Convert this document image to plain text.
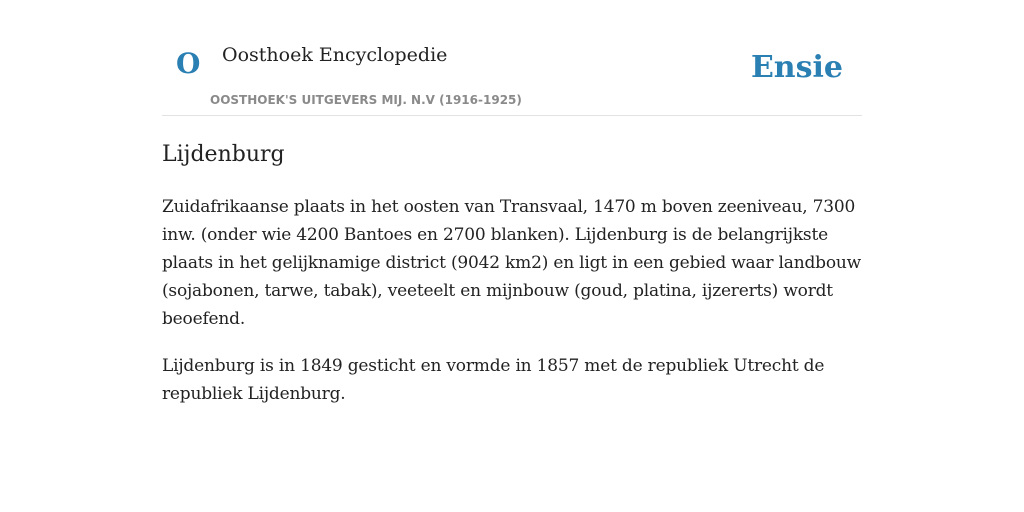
O Oosthoek Encyclopedie
OOSTHOEK'S UITGEVERS MIJ. N.V (1916-1925)
Ensie
Lijdenburg

Zuidafrikaanse plaats in het oosten van Transvaal, 1470 m boven zeeniveau, 7300 inw. (onder wie 4200 Bantoes en 2700 blanken). Lijdenburg is de belangrijkste plaats in het gelijknamige district (9042 km2) en ligt in een gebied waar landbouw (sojabonen, tarwe, tabak), veeteelt en mijnbouw (goud, platina, ijzererts) wordt beoefend.

Lijdenburg is in 1849 gesticht en vormde in 1857 met de republiek Utrecht de republiek Lijdenburg.
